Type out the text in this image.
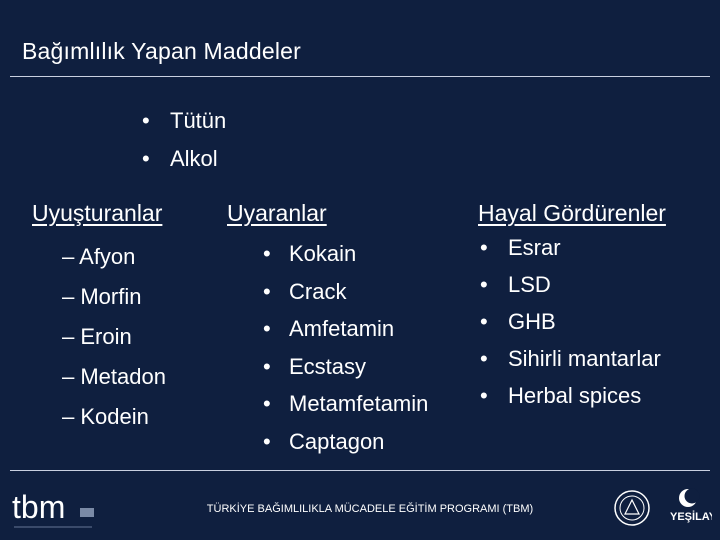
Bağımlılık Yapan Maddeler
• Tütün
• Alkol
Uyuşturanlar
– – Afyon
– – Morfin
– – Eroin
– – Metadon
– – Kodein
Uyaranlar
• Kokain
• Crack
• Amfetamin
• Ecstasy
• Metamfetamin
• Captagon
Hayal Gördürenler
• Esrar
• LSD
• GHB
• Sihirli mantarlar
• Herbal spices
tbm	TÜRKİYE BAĞIMLILIKLA MÜCADELE EĞİTİM PROGRAMI (TBM)
YEŞİLAY
